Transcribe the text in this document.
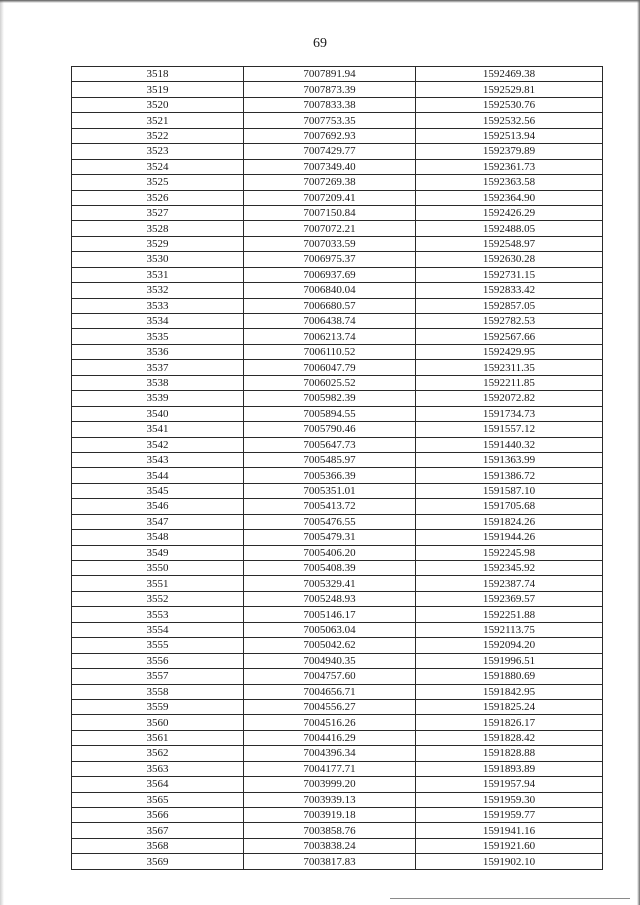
69
3518	7007891.94	1592469.38
3519	7007873.39	1592529.81
3520	7007833.38	1592530.76
3521	7007753.35	1592532.56
3522	7007692.93	1592513.94
3523	7007429.77	1592379.89
3524	7007349.40	1592361.73
3525	7007269.38	1592363.58
3526	7007209.41	1592364.90
3527	7007150.84	1592426.29
3528	7007072.21	1592488.05
3529	7007033.59	1592548.97
3530	7006975.37	1592630.28
3531	7006937.69	1592731.15
3532	7006840.04	1592833.42
3533	7006680.57	1592857.05
3534	7006438.74	1592782.53
3535	7006213.74	1592567.66
3536	7006110.52	1592429.95
3537	7006047.79	1592311.35
3538	7006025.52	1592211.85
3539	7005982.39	1592072.82
3540	7005894.55	1591734.73
3541	7005790.46	1591557.12
3542	7005647.73	1591440.32
3543	7005485.97	1591363.99
3544	7005366.39	1591386.72
3545	7005351.01	1591587.10
3546	7005413.72	1591705.68
3547	7005476.55	1591824.26
3548	7005479.31	1591944.26
3549	7005406.20	1592245.98
3550	7005408.39	1592345.92
3551	7005329.41	1592387.74
3552	7005248.93	1592369.57
3553	7005146.17	1592251.88
3554	7005063.04	1592113.75
3555	7005042.62	1592094.20
3556	7004940.35	1591996.51
3557	7004757.60	1591880.69
3558	7004656.71	1591842.95
3559	7004556.27	1591825.24
3560	7004516.26	1591826.17
3561	7004416.29	1591828.42
3562	7004396.34	1591828.88
3563	7004177.71	1591893.89
3564	7003999.20	1591957.94
3565	7003939.13	1591959.30
3566	7003919.18	1591959.77
3567	7003858.76	1591941.16
3568	7003838.24	1591921.60
3569	7003817.83	1591902.10
